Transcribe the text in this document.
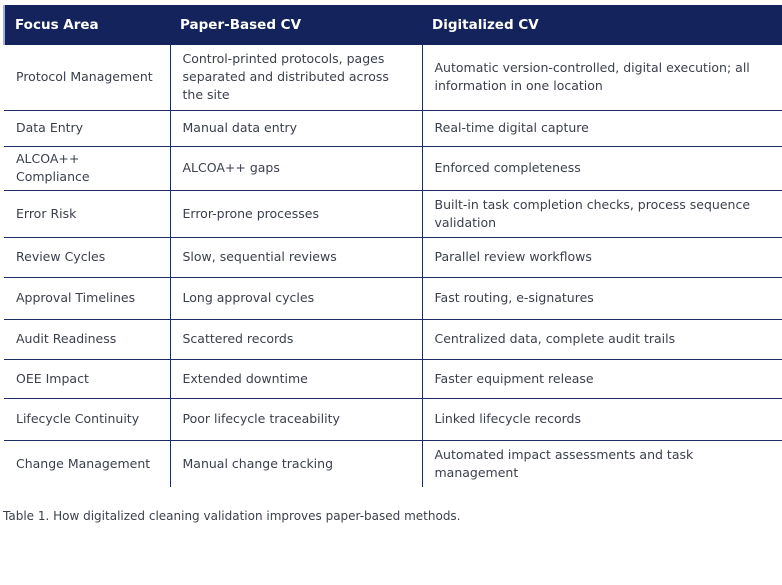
Focus Area	Paper-Based CV	Digitalized CV
Protocol Management	Control-printed protocols, pages separated and distributed across the site	Automatic version-controlled, digital execution; all information in one location
Data Entry	Manual data entry	Real-time digital capture
ALCOA++ Compliance	ALCOA++ gaps	Enforced completeness
Error Risk	Error-prone processes	Built-in task completion checks, process sequence validation
Review Cycles	Slow, sequential reviews	Parallel review workflows
Approval Timelines	Long approval cycles	Fast routing, e-signatures
Audit Readiness	Scattered records	Centralized data, complete audit trails
OEE Impact	Extended downtime	Faster equipment release
Lifecycle Continuity	Poor lifecycle traceability	Linked lifecycle records
Change Management	Manual change tracking	Automated impact assessments and task management
Table 1. How digitalized cleaning validation improves paper-based methods.
